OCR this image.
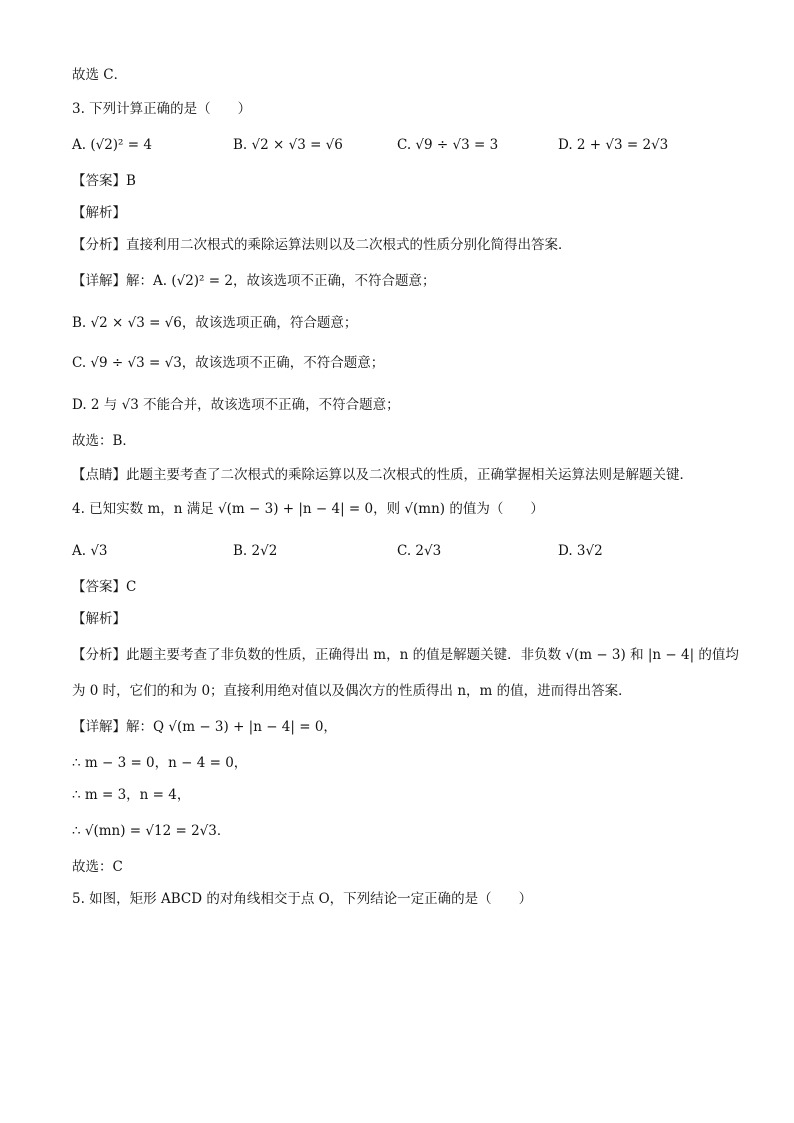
故选 C．
3. 下列计算正确的是（　　）
A. (√2)² = 4	B. √2 × √3 = √6	C. √9 ÷ √3 = 3	D. 2 + √3 = 2√3
【答案】B
【解析】
【分析】直接利用二次根式的乘除运算法则以及二次根式的性质分别化简得出答案．
【详解】解：A. (√2)² = 2，故该选项不正确，不符合题意；
B. √2 × √3 = √6，故该选项正确，符合题意；
C. √9 ÷ √3 = √3，故该选项不正确，不符合题意；
D. 2 与 √3 不能合并，故该选项不正确，不符合题意；
故选：B．
【点睛】此题主要考查了二次根式的乘除运算以及二次根式的性质，正确掌握相关运算法则是解题关键．
4. 已知实数 m，n 满足 √(m − 3) + |n − 4| = 0，则 √(mn) 的值为（　　）
A. √3	B. 2√2	C. 2√3	D. 3√2
【答案】C
【解析】
【分析】此题主要考查了非负数的性质，正确得出 m，n 的值是解题关键．非负数 √(m − 3) 和 |n − 4| 的值均
为 0 时，它们的和为 0；直接利用绝对值以及偶次方的性质得出 n，m 的值，进而得出答案．
【详解】解：Q √(m − 3) + |n − 4| = 0，
∴ m − 3 = 0，n − 4 = 0，
∴ m = 3，n = 4，
∴ √(mn) = √12 = 2√3．
故选：C
5. 如图，矩形 ABCD 的对角线相交于点 O，下列结论一定正确的是（　　）
